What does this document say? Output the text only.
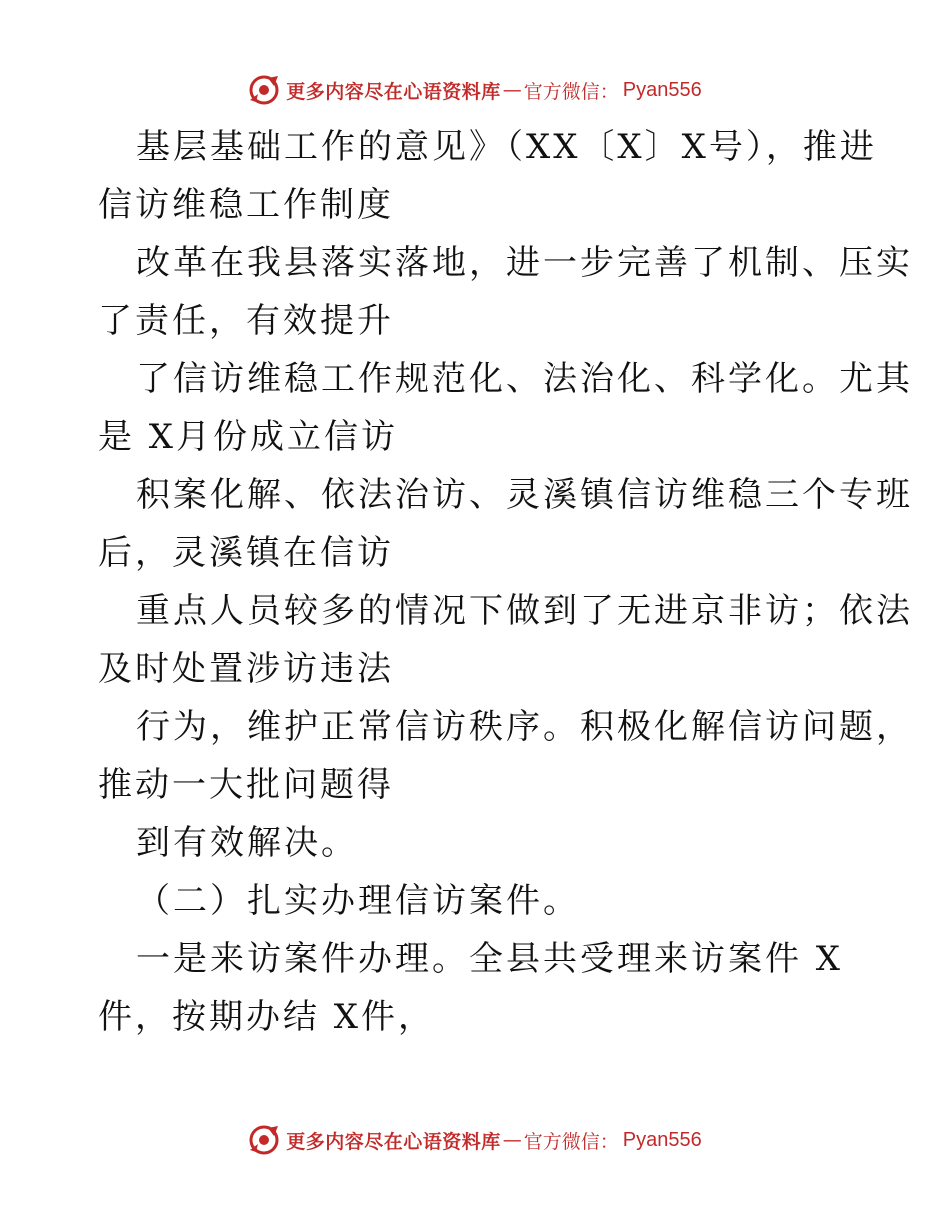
更多内容尽在心语资料库 — 官方微信： Pyan556
基层基础工作的意见》（XX〔X〕X号），推进
信访维稳工作制度
改革在我县落实落地，进一步完善了机制、压实
了责任，有效提升
了信访维稳工作规范化、法治化、科学化。尤其
是 X月份成立信访
积案化解、依法治访、灵溪镇信访维稳三个专班
后，灵溪镇在信访
重点人员较多的情况下做到了无进京非访；依法
及时处置涉访违法
行为，维护正常信访秩序。积极化解信访问题，
推动一大批问题得
到有效解决。
（二）扎实办理信访案件。
一是来访案件办理。全县共受理来访案件 X
件，按期办结 X件，
更多内容尽在心语资料库 — 官方微信： Pyan556
